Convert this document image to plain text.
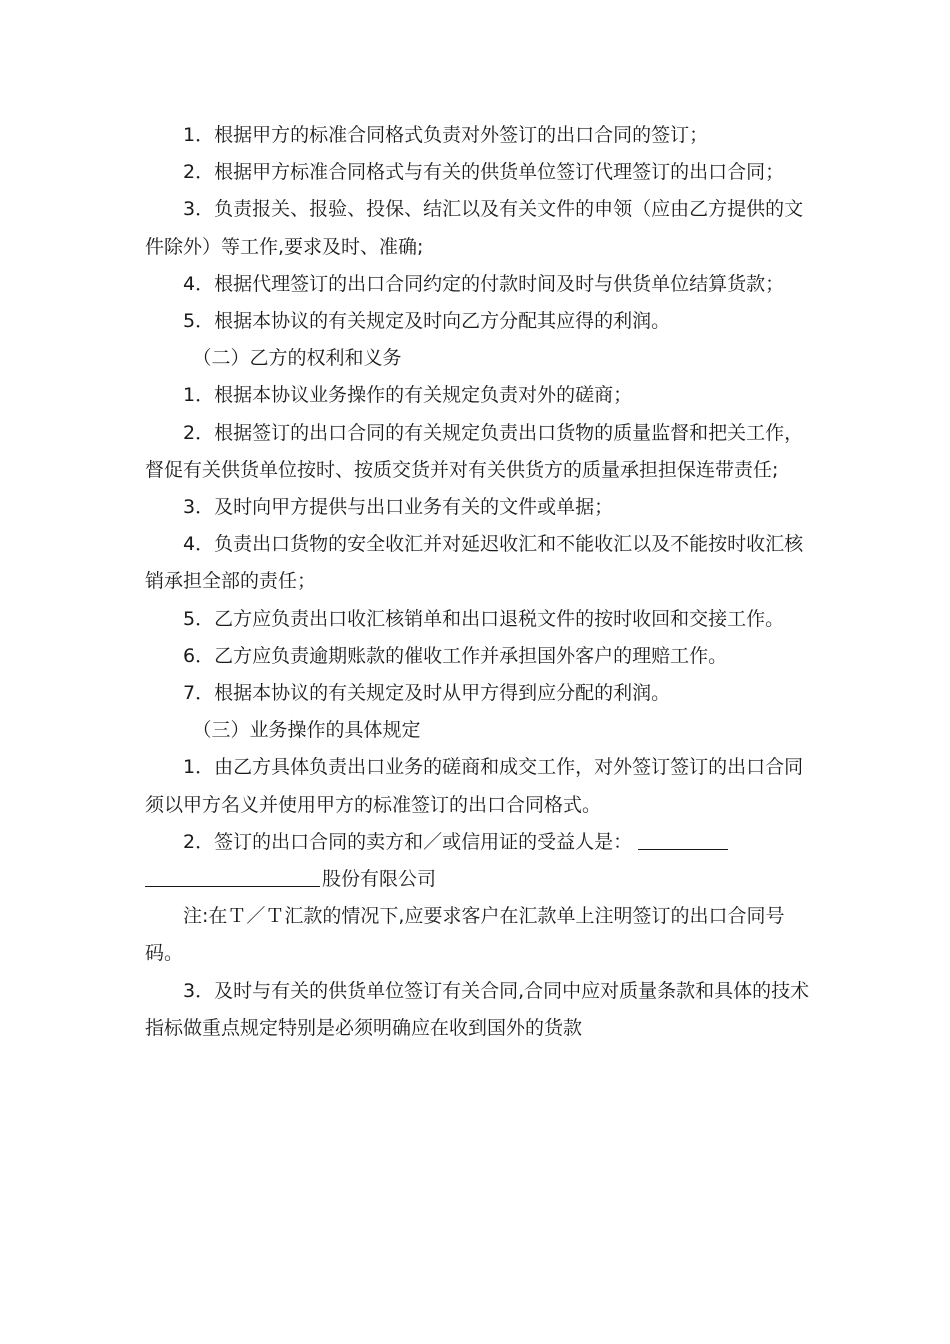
1．根据甲方的标准合同格式负责对外签订的出口合同的签订；

2．根据甲方标准合同格式与有关的供货单位签订代理签订的出口合同；

3．负责报关、报验、投保、结汇以及有关文件的申领（应由乙方提供的文件除外）等工作,要求及时、准确;

4．根据代理签订的出口合同约定的付款时间及时与供货单位结算货款；

5．根据本协议的有关规定及时向乙方分配其应得的利润。

（二）乙方的权利和义务

1．根据本协议业务操作的有关规定负责对外的磋商；

2．根据签订的出口合同的有关规定负责出口货物的质量监督和把关工作，督促有关供货单位按时、按质交货并对有关供货方的质量承担担保连带责任;

3．及时向甲方提供与出口业务有关的文件或单据；

4．负责出口货物的安全收汇并对延迟收汇和不能收汇以及不能按时收汇核销承担全部的责任；

5．乙方应负责出口收汇核销单和出口退税文件的按时收回和交接工作。

6．乙方应负责逾期账款的催收工作并承担国外客户的理赔工作。

7．根据本协议的有关规定及时从甲方得到应分配的利润。

（三）业务操作的具体规定

1．由乙方具体负责出口业务的磋商和成交工作，对外签订签订的出口合同须以甲方名义并使用甲方的标准签订的出口合同格式。

2．签订的出口合同的卖方和／或信用证的受益人是：股份有限公司

注:在Ｔ／Ｔ汇款的情况下,应要求客户在汇款单上注明签订的出口合同号码。

3．及时与有关的供货单位签订有关合同,合同中应对质量条款和具体的技术指标做重点规定特别是必须明确应在收到国外的货款
